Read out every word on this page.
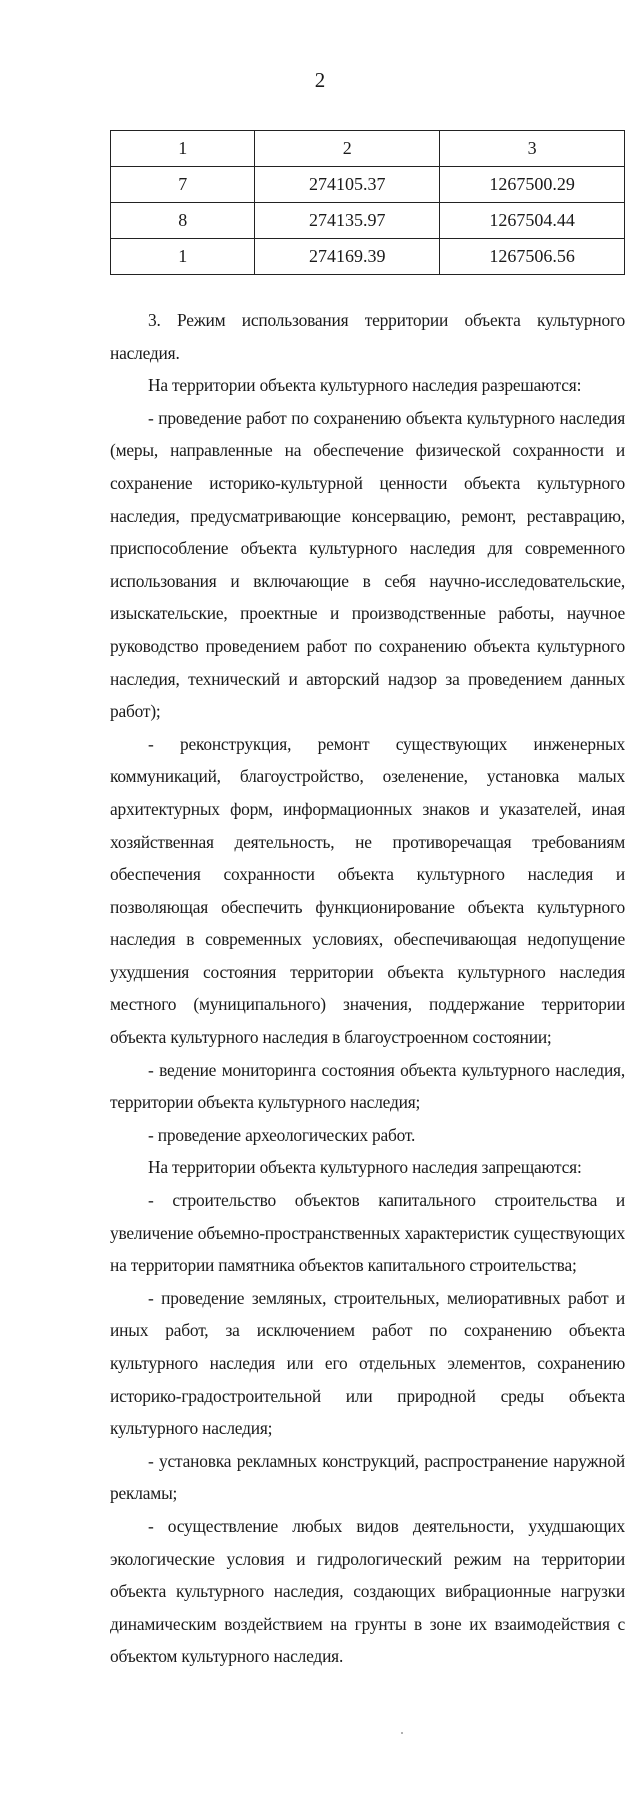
2
1	2	3
7	274105.37	1267500.29
8	274135.97	1267504.44
1	274169.39	1267506.56

3. Режим использования территории объекта культурного наследия.

На территории объекта культурного наследия разрешаются:

- проведение работ по сохранению объекта культурного наследия (меры, направленные на обеспечение физической сохранности и сохранение историко-культурной ценности объекта культурного наследия, предусматривающие консервацию, ремонт, реставрацию, приспособление объекта культурного наследия для современного использования и включающие в себя научно-исследовательские, изыскательские, проектные и производственные работы, научное руководство проведением работ по сохранению объекта культурного наследия, технический и авторский надзор за проведением данных работ);

- реконструкция, ремонт существующих инженерных коммуникаций, благоустройство, озеленение, установка малых архитектурных форм, информационных знаков и указателей, иная хозяйственная деятельность, не противоречащая требованиям обеспечения сохранности объекта культурного наследия и позволяющая обеспечить функционирование объекта культурного наследия в современных условиях, обеспечивающая недопущение ухудшения состояния территории объекта культурного наследия местного (муниципального) значения, поддержание территории объекта культурного наследия в благоустроенном состоянии;

- ведение мониторинга состояния объекта культурного наследия, территории объекта культурного наследия;

- проведение археологических работ.

На территории объекта культурного наследия запрещаются:

- строительство объектов капитального строительства и увеличение объемно-пространственных характеристик существующих на территории памятника объектов капитального строительства;

- проведение земляных, строительных, мелиоративных работ и иных работ, за исключением работ по сохранению объекта культурного наследия или его отдельных элементов, сохранению историко-градостроительной или природной среды объекта культурного наследия;

- установка рекламных конструкций, распространение наружной рекламы;

- осуществление любых видов деятельности, ухудшающих экологические условия и гидрологический режим на территории объекта культурного наследия, создающих вибрационные нагрузки динамическим воздействием на грунты в зоне их взаимодействия с объектом культурного наследия.
